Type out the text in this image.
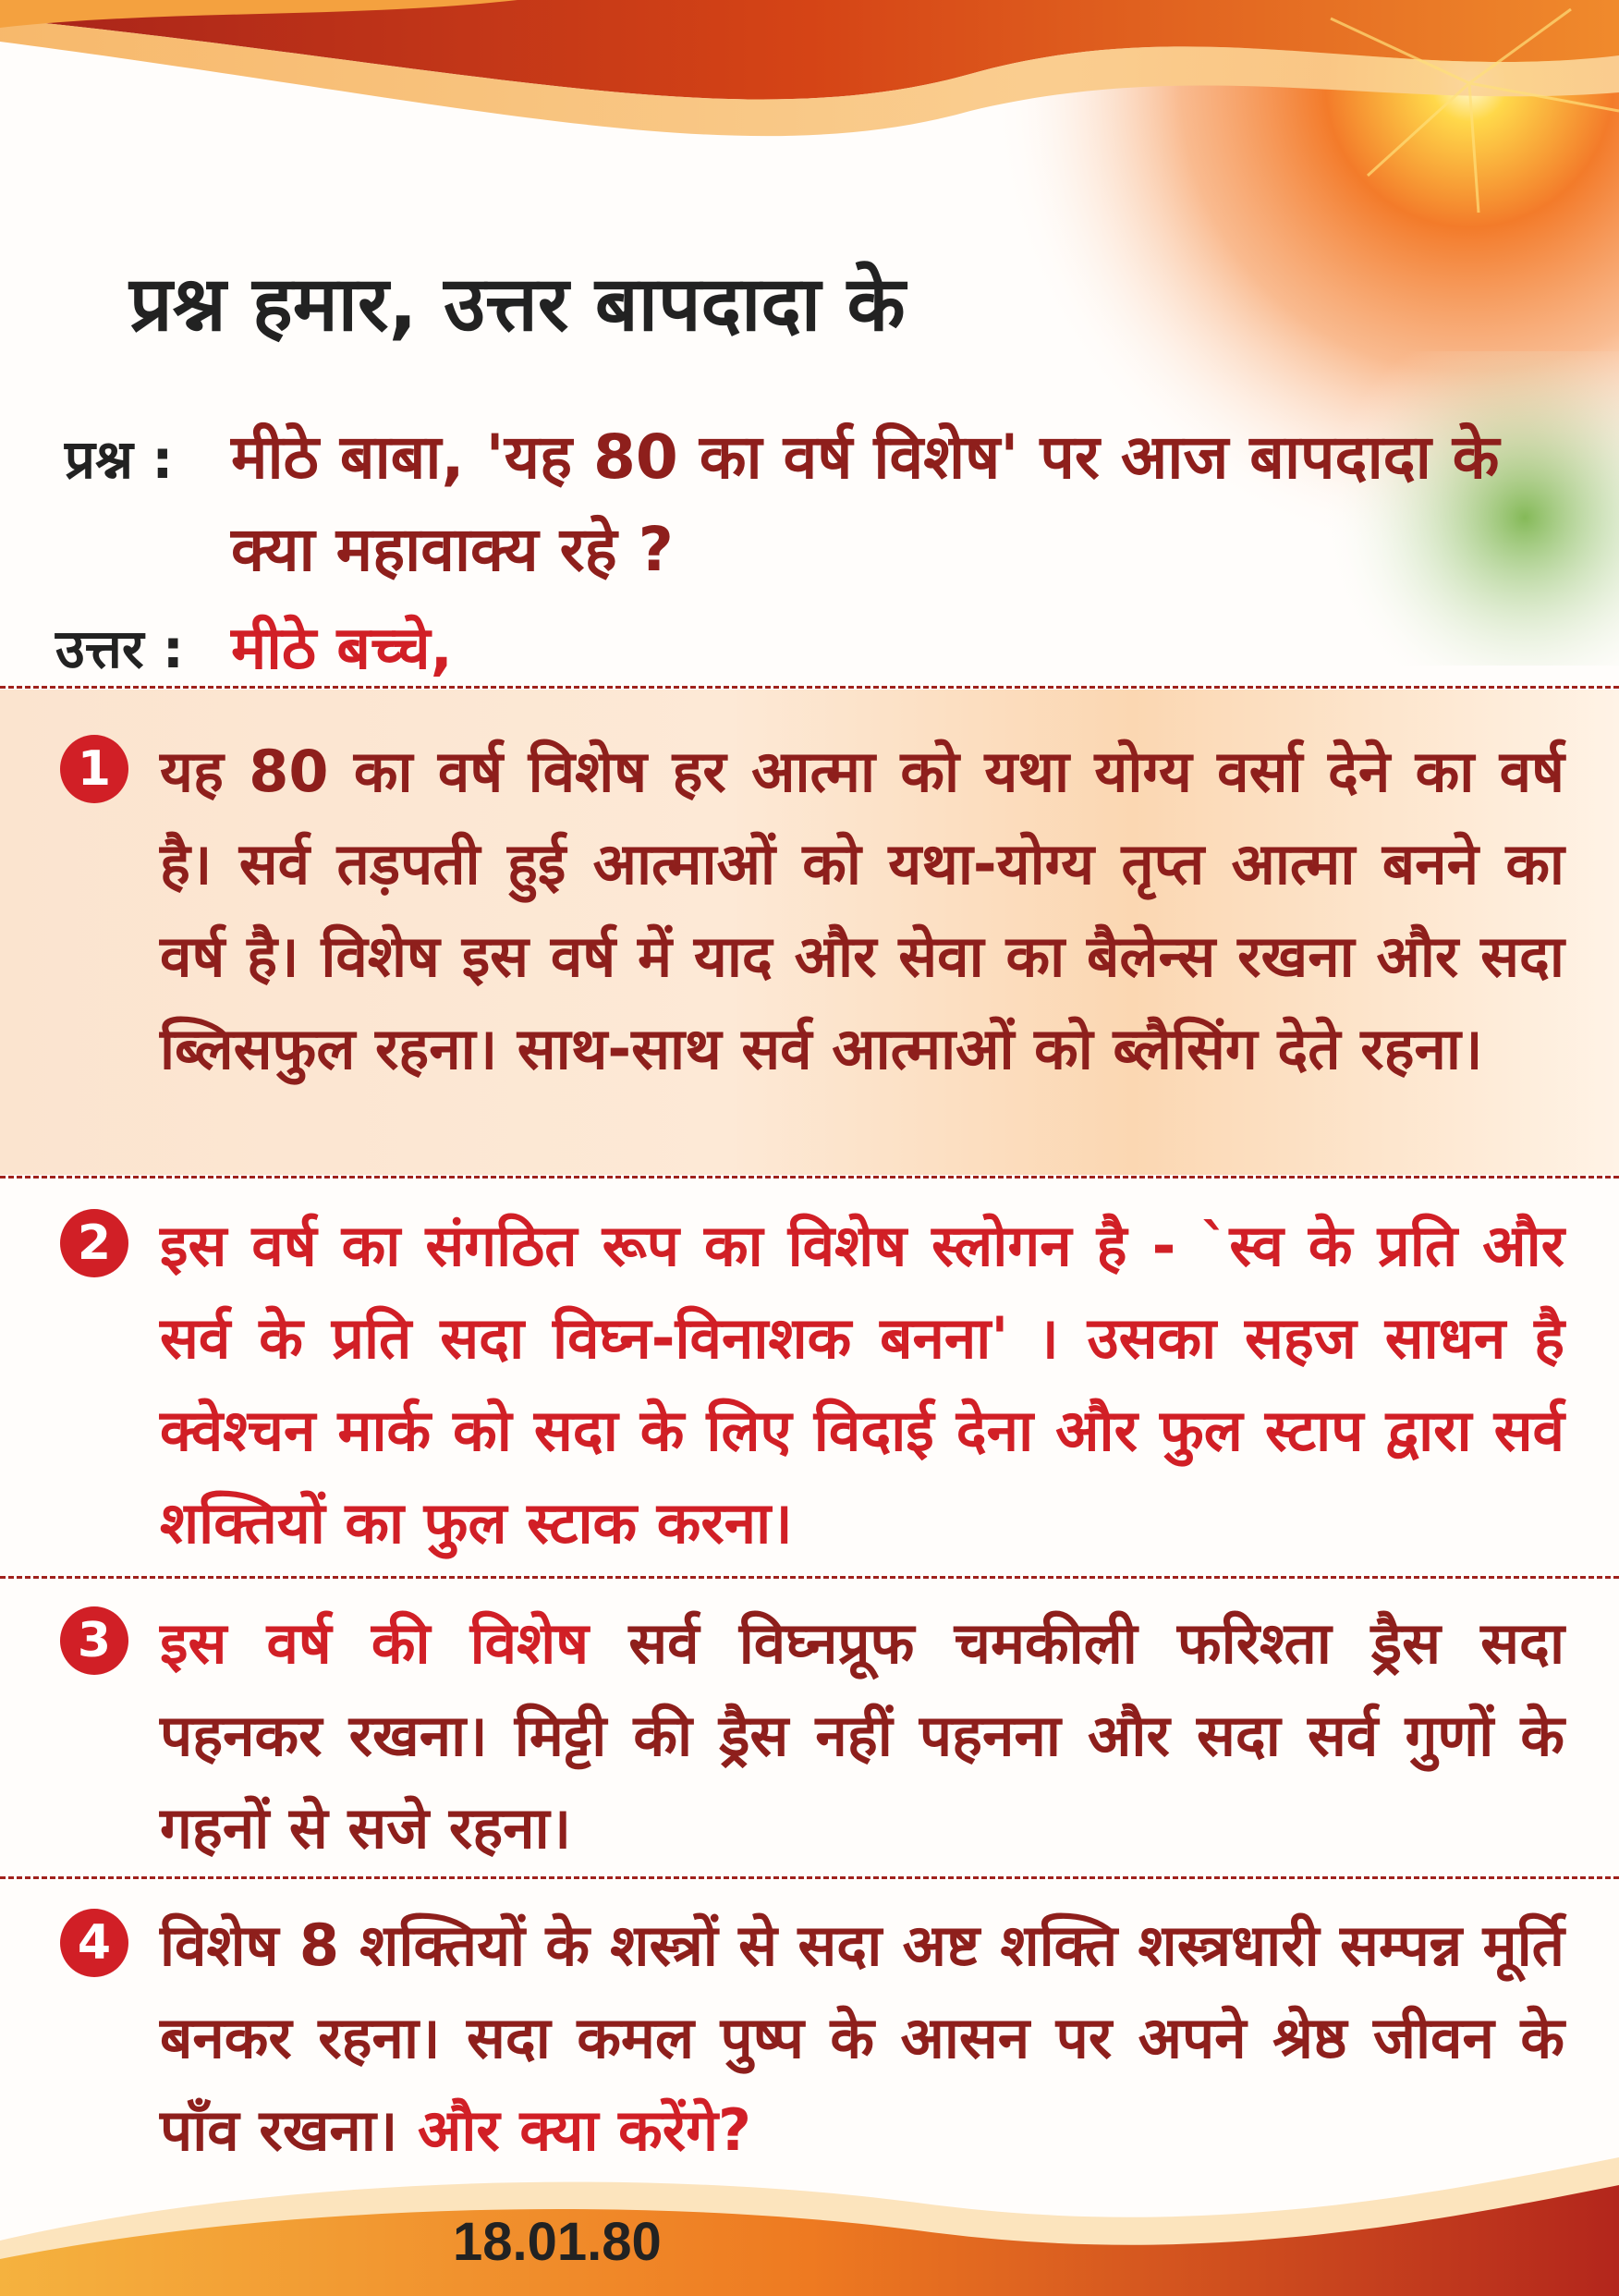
प्रश्न हमार, उत्तर बापदादा के
प्रश्न : मीठे बाबा, 'यह 80 का वर्ष विशेष' पर आज बापदादा के क्या महावाक्य रहे ?
उत्तर : मीठे बच्चे,
1 यह 80 का वर्ष विशेष हर आत्मा को यथा योग्य वर्सा देने का वर्ष है। सर्व तड़पती हुई आत्माओं को यथा-योग्य तृप्त आत्मा बनने का वर्ष है। विशेष इस वर्ष में याद और सेवा का बैलेन्स रखना और सदा ब्लिसफुल रहना। साथ-साथ सर्व आत्माओं को ब्लैसिंग देते रहना।
2 इस वर्ष का संगठित रूप का विशेष स्लोगन है - `स्व के प्रति और सर्व के प्रति सदा विघ्न-विनाशक बनना' । उसका सहज साधन है क्वेश्चन मार्क को सदा के लिए विदाई देना और फुल स्टाप द्वारा सर्व शक्तियों का फुल स्टाक करना।
3 इस वर्ष की विशेष सर्व विघ्नप्रूफ चमकीली फरिश्ता ड्रैस सदा पहनकर रखना। मिट्टी की ड्रैस नहीं पहनना और सदा सर्व गुणों के गहनों से सजे रहना।
4 विशेष 8 शक्तियों के शस्त्रों से सदा अष्ट शक्ति शस्त्रधारी सम्पन्न मूर्ति बनकर रहना। सदा कमल पुष्प के आसन पर अपने श्रेष्ठ जीवन के पाँव रखना। और क्या करेंगे?
18.01.80
